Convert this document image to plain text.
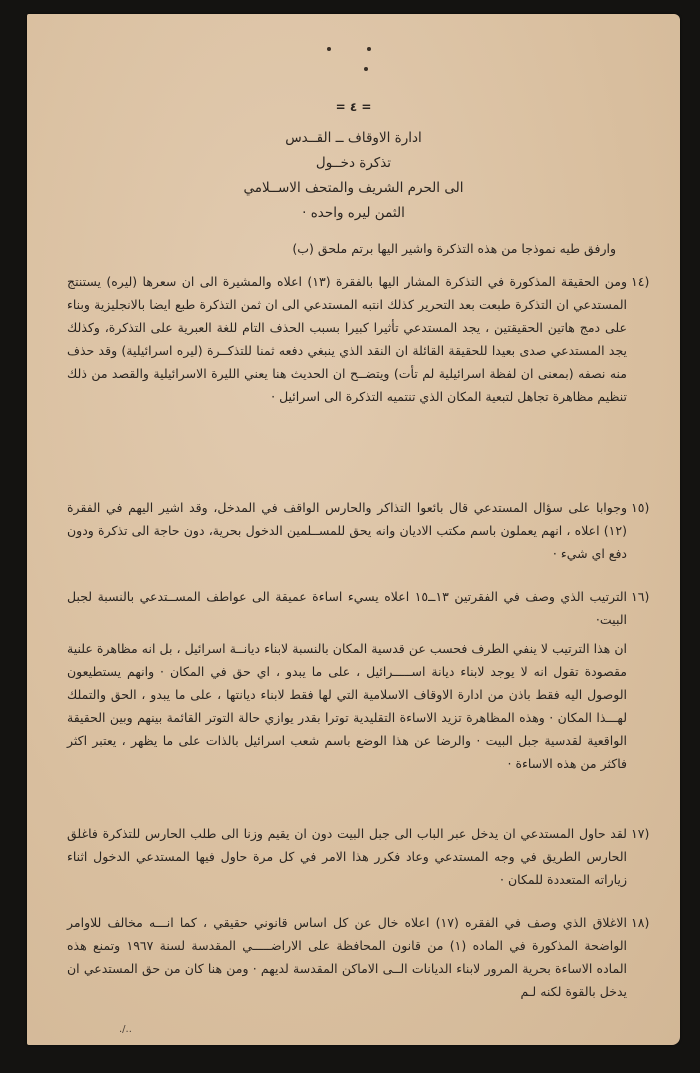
= ٤ =
ادارة الاوقاف ــ القــدس
تذكرة دخــول
الى الحرم الشريف والمتحف الاســلامي
الثمن ليره واحده ·
وارفق طيه نموذجا من هذه التذكرة واشير اليها برتم ملحق (ب)
(١٤

ومن الحقيقة المذكورة في التذكرة المشار اليها بالفقرة (١٣) اعلاه والمشيرة الى ان سعرها (ليره) يستنتج المستدعي ان التذكرة طبعت بعد التحرير كذلك انتبه المستدعي الى ان ثمن التذكرة طبع ايضا بالانجليزية وبناء على دمج هاتين الحقيقتين ، يجد المستدعي تأثيرا كبيرا بسبب الحذف التام للغة العبرية على التذكرة، وكذلك يجد المستدعي صدى بعيدا للحقيقة القائلة ان النقد الذي ينبغي دفعه ثمنا للتذكــرة (ليره اسرائيلية) وقد حذف منه نصفه (بمعنى ان لفظة اسرائيلية لم تأت) ويتضــح ان الحديث هنا يعني الليرة الاسرائيلية والقصد من ذلك تنظيم مظاهرة تجاهل لتبعية المكان الذي تنتميه التذكرة الى اسرائيل ·

(١٥

وجوابا على سؤال المستدعي قال بائعوا التذاكر والحارس الواقف في المدخل، وقد اشير اليهم في الفقرة (١٢) اعلاه ، انهم يعملون باسم مكتب الاديان وانه يحق للمســلمين الدخول بحرية، دون حاجة الى تذكرة ودون دفع اي شيء ·

(١٦

الترتيب الذي وصف في الفقرتين ١٣ــ١٥ اعلاه يسيء اساءة عميقة الى عواطف المســتدعي بالنسبة لجبل البيت·

ان هذا الترتيب لا ينفي الطرف فحسب عن قدسية المكان بالنسبة لابناء ديانــة اسرائيل ، بل انه مظاهرة علنية مقصودة تقول انه لا يوجد لابناء ديانة اســـــرائيل ، على ما يبدو ، اي حق في المكان · وانهم يستطيعون الوصول اليه فقط باذن من ادارة الاوقاف الاسلامية التي لها فقط لابناء ديانتها ، على ما يبدو ، الحق والتملك لهـــذا المكان · وهذه المظاهرة تزيد الاساءة التقليدية توترا بقدر يوازي حالة التوتر القائمة بينهم وبين الحقيقة الواقعية لقدسية جبل البيت · والرضا عن هذا الوضع باسم شعب اسرائيل بالذات على ما يظهر ، يعتبر اكثر فاكثر من هذه الاساءة ·

(١٧

لقد حاول المستدعي ان يدخل عبر الباب الى جبل البيت دون ان يقيم وزنا الى طلب الحارس للتذكرة فاغلق الحارس الطريق في وجه المستدعي وعاد فكرر هذا الامر في كل مرة حاول فيها المستدعي الدخول اثناء زياراته المتعددة للمكان ·

(١٨

الاغلاق الذي وصف في الفقره (١٧) اعلاه خال عن كل اساس قانوني حقيقي ، كما انـــه مخالف للاوامر الواضحة المذكورة في الماده (١) من قانون المحافظة على الاراضـــــي المقدسة لسنة ١٩٦٧ وتمنع هذه الماده الاساءة بحرية المرور لابناء الديانات الــى الاماكن المقدسة لديهم · ومن هنا كان من حق المستدعي ان يدخل بالقوة لكنه لـم

./..
